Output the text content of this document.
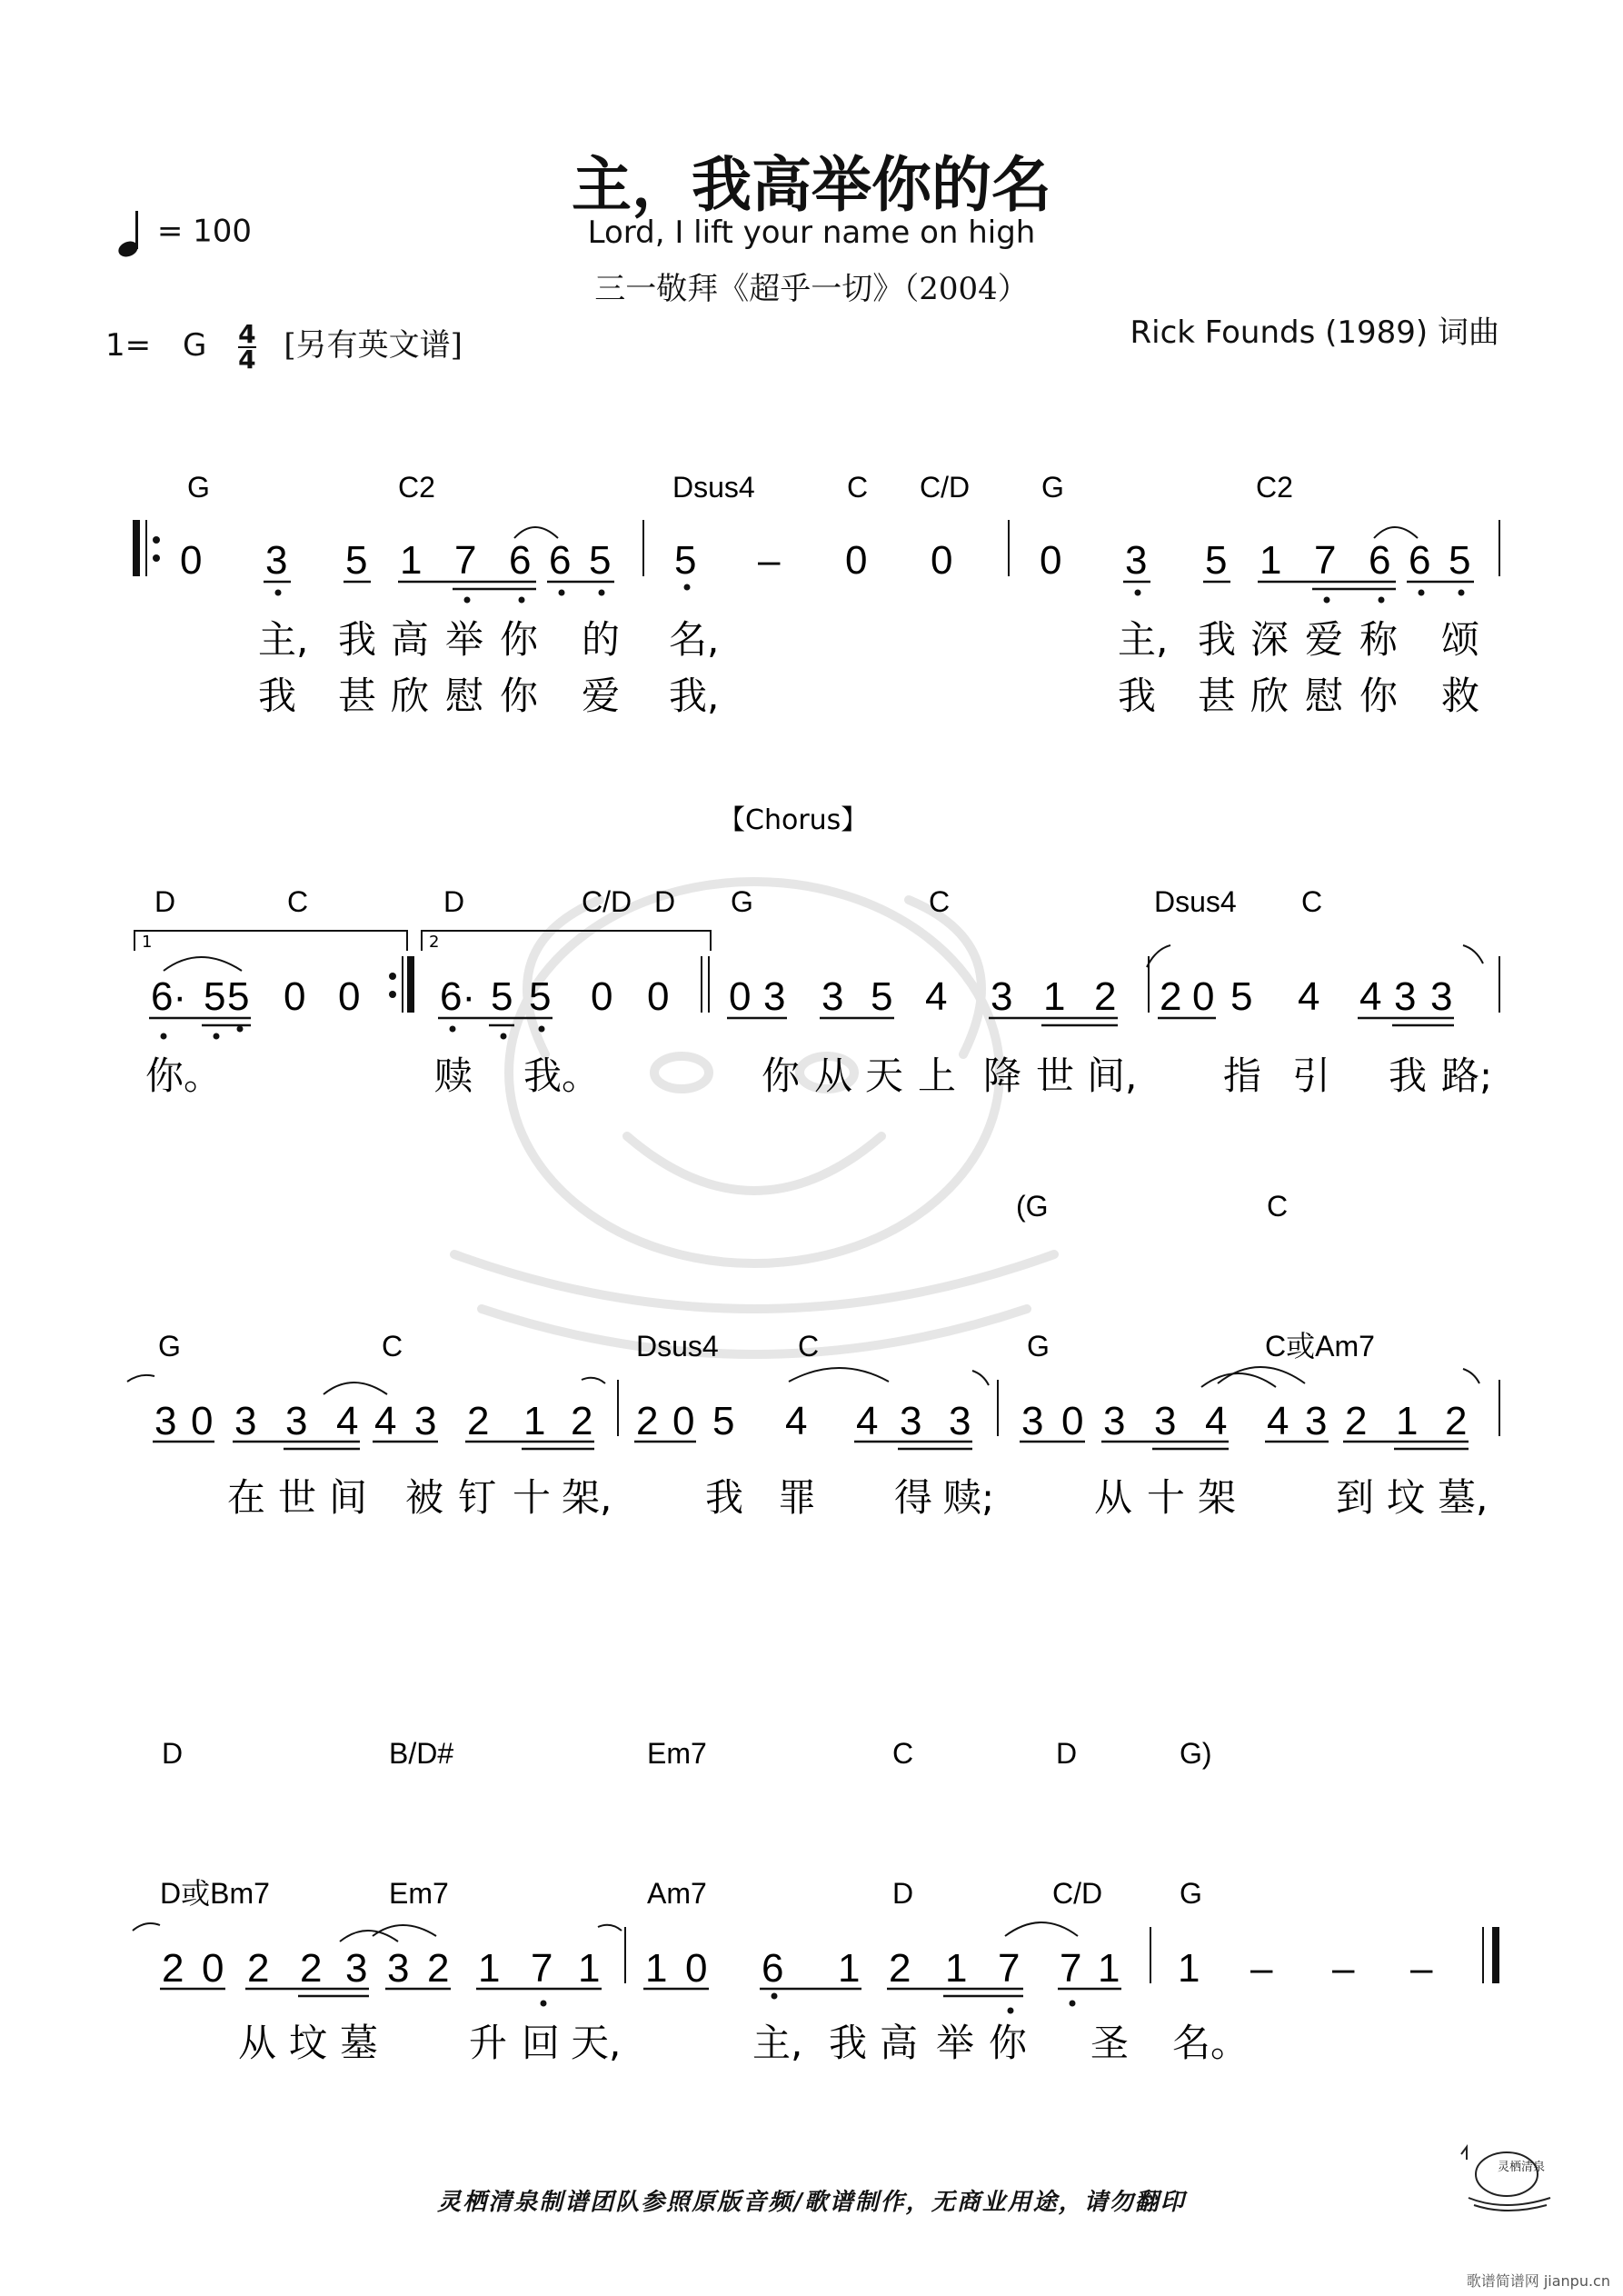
主，我高举你的名
Lord, I lift your name on high
三一敬拜《超乎一切》（2004）
= 100
1= G $\frac{4}{4}$ [另有英文谱]	Rick Founds (1989) 词曲
G	C2	Dsus4	C C/D G	C2
0 3 5 1 7 6 6 5 5 – 0 0 0 3 5 1 7 6 6 5
主, 我 高 举 你 的 名,	主, 我 深 爱 称 颂
我 甚 欣 慰 你 爱 我,	我 甚 欣 慰 你 救
【Chorus】
D	C	D	C/D D G	C	Dsus4 C
1	2
6· 5 5 0 0 6· 5 5 0 0 0 3 3 5 4 3 1 2 2 0 5 4 4 3 3
你。	赎 我。	你 从 天 上 降 世 间, 指 引 我 路;
(G	C
G	C	Dsus4	C	G	C或Am7
3 0 3 3 4 4 3 2 1 2 2 0 5 4 4 3 3 3 0 3 3 4 4 3 2 1 2
在 世 间 被 钉 十 架, 我 罪 得 赎;	从 十 架	到 坟 墓,
D	B/D#	Em7	C	D	G)
D或Bm7	Em7	Am7	D	C/D	G
2 0 2 2 3 3 2 1 7 1 1 0 6 1 2 1 7 7 1 1 – – –
从 坟 墓 升 回 天,	主, 我 高 举 你 圣 名。
灵栖清泉制谱团队参照原版音频/歌谱制作，无商业用途，请勿翻印
灵栖清泉
歌谱简谱网 jianpu.cn
